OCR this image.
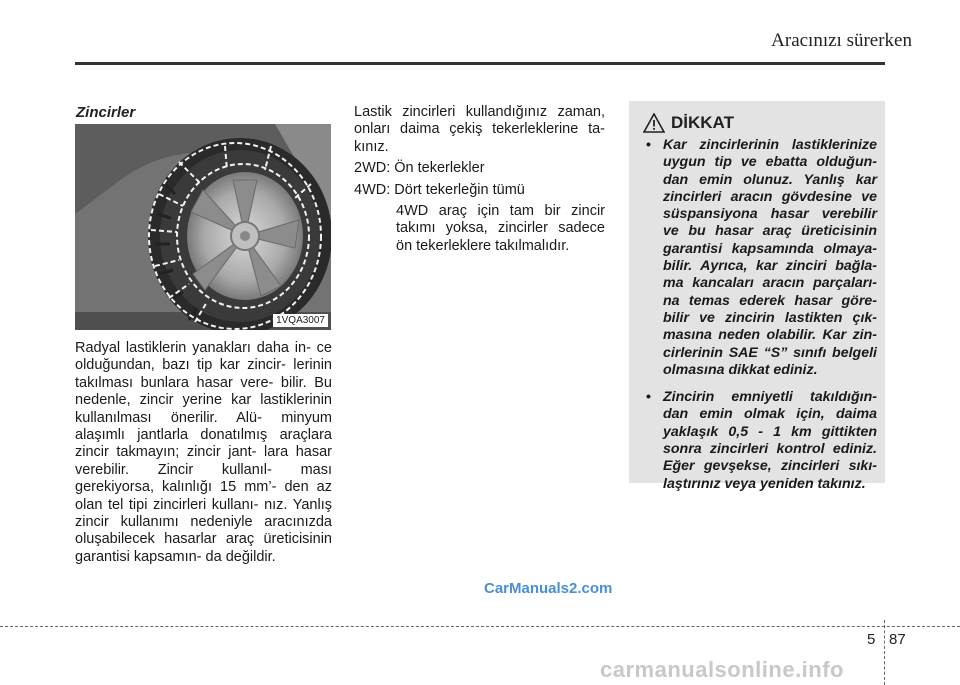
Aracınızı sürerken
Zincirler
1VQA3007

Radyal lastiklerin yanakları daha in- ce olduğundan, bazı tip kar zincir- lerinin takılması bunlara hasar vere- bilir. Bu nedenle, zincir yerine kar lastiklerinin kullanılması önerilir. Alü- minyum alaşımlı jantlarla donatılmış araçlara zincir takmayın; zincir jant- lara hasar verebilir. Zincir kullanıl- ması gerekiyorsa, kalınlığı 15 mm’- den az olan tel tipi zincirleri kullanı- nız. Yanlış zincir kullanımı nedeniyle aracınızda oluşabilecek hasarlar araç üreticisinin garantisi kapsamın- da değildir.

Lastik zincirleri kullandığınız zaman, onları daima çekiş tekerleklerine ta- kınız.

2WD: Ön tekerlekler

4WD: Dört tekerleğin tümü

4WD araç için tam bir zincir takımı yoksa, zincirler sadece ön tekerleklere takılmalıdır.

DİKKAT
• Kar zincirlerinin lastiklerinize uygun tip ve ebatta olduğun- dan emin olunuz. Yanlış kar zincirleri aracın gövdesine ve süspansiyona hasar verebilir ve bu hasar araç üreticisinin garantisi kapsamında olmaya- bilir. Ayrıca, kar zinciri bağla- ma kancaları aracın parçaları- na temas ederek hasar göre- bilir ve zincirin lastikten çık- masına neden olabilir. Kar zin- cirlerinin SAE “S” sınıfı belgeli olmasına dikkat ediniz.
• Zincirin emniyetli takıldığın- dan emin olmak için, daima yaklaşık 0,5 - 1 km gittikten sonra zincirleri kontrol ediniz. Eğer gevşekse, zincirleri sıkı- laştırınız veya yeniden takınız.
CarManuals2.com
5 87
carmanualsonline.info
